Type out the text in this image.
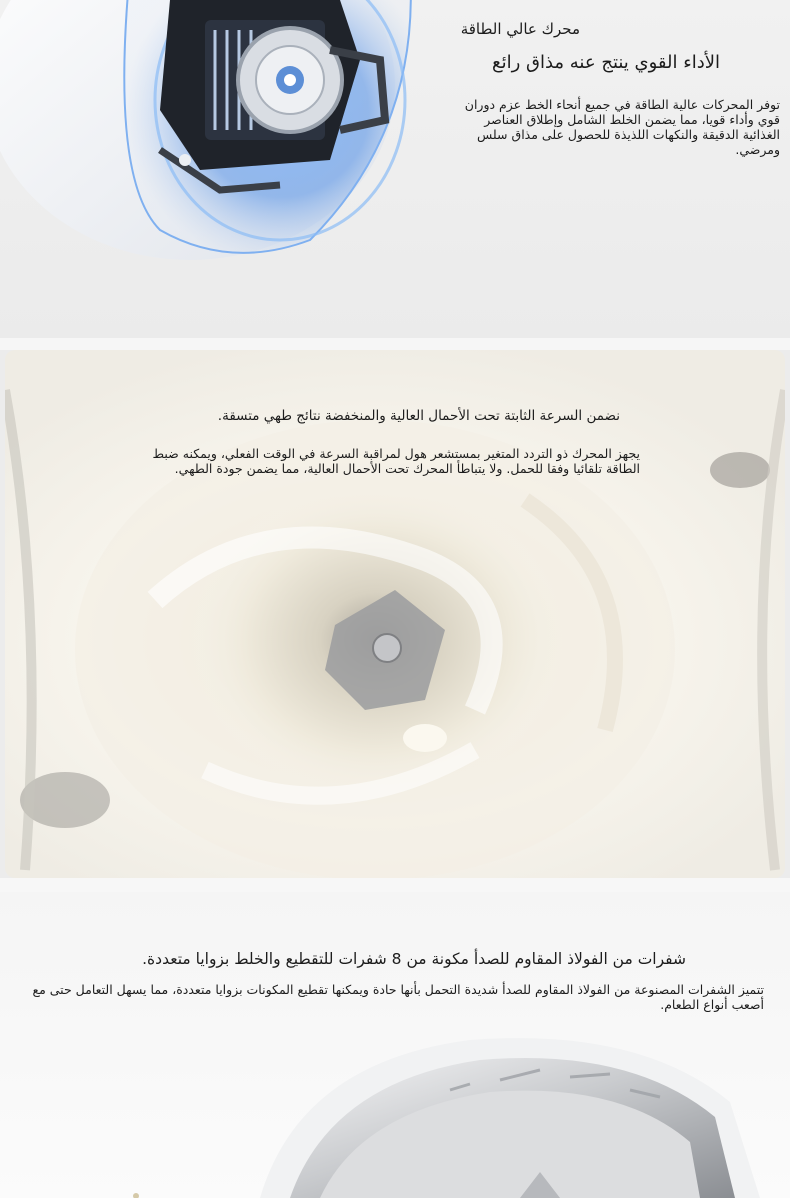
محرك عالي الطاقة
الأداء القوي ينتج عنه مذاق رائع

توفر المحركات عالية الطاقة في جميع أنحاء الخط عزم دوران قوي وأداء قويا، مما يضمن الخلط الشامل وإطلاق العناصر الغذائية الدقيقة والنكهات اللذيذة للحصول على مذاق سلس ومرضي.

نضمن السرعة الثابتة تحت الأحمال العالية والمنخفضة نتائج طهي متسقة.

يجهز المحرك ذو التردد المتغير بمستشعر هول لمراقبة السرعة في الوقت الفعلي، ويمكنه ضبط الطاقة تلقائيا وفقا للحمل. ولا يتباطأ المحرك تحت الأحمال العالية، مما يضمن جودة الطهي.

شفرات من الفولاذ المقاوم للصدأ مكونة من 8 شفرات للتقطيع والخلط بزوايا متعددة.

تتميز الشفرات المصنوعة من الفولاذ المقاوم للصدأ شديدة التحمل بأنها حادة ويمكنها تقطيع المكونات بزوايا متعددة، مما يسهل التعامل حتى مع أصعب أنواع الطعام.
